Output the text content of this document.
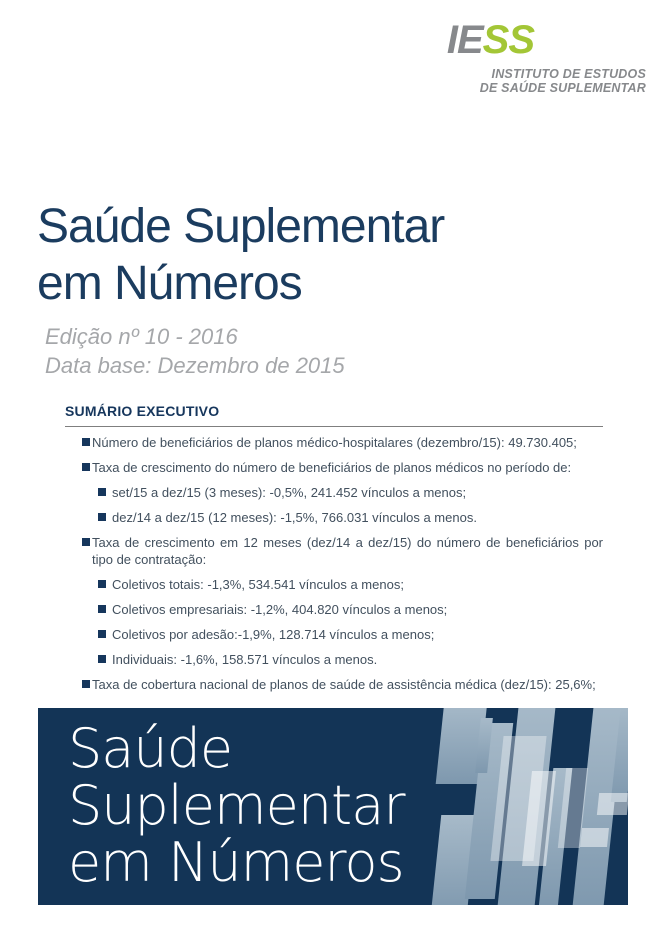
IESS
INSTITUTO DE ESTUDOS
DE SAÚDE SUPLEMENTAR
Saúde Suplementar
em Números
Edição nº 10 - 2016
Data base: Dezembro de 2015
SUMÁRIO EXECUTIVO
Número de beneficiários de planos médico-hospitalares (dezembro/15): 49.730.405;
Taxa de crescimento do número de beneficiários de planos médicos no período de:
set/15 a dez/15 (3 meses): -0,5%, 241.452 vínculos a menos;
dez/14 a dez/15 (12 meses): -1,5%, 766.031 vínculos a menos.
Taxa de crescimento em 12 meses (dez/14 a dez/15) do número de beneficiários por tipo de contratação:
Coletivos totais: -1,3%, 534.541 vínculos a menos;
Coletivos empresariais: -1,2%, 404.820 vínculos a menos;
Coletivos por adesão:-1,9%, 128.714 vínculos a menos;
Individuais: -1,6%, 158.571 vínculos a menos.
Taxa de cobertura nacional de planos de saúde de assistência médica (dez/15): 25,6%;
Saúde
Suplementar
em Números
